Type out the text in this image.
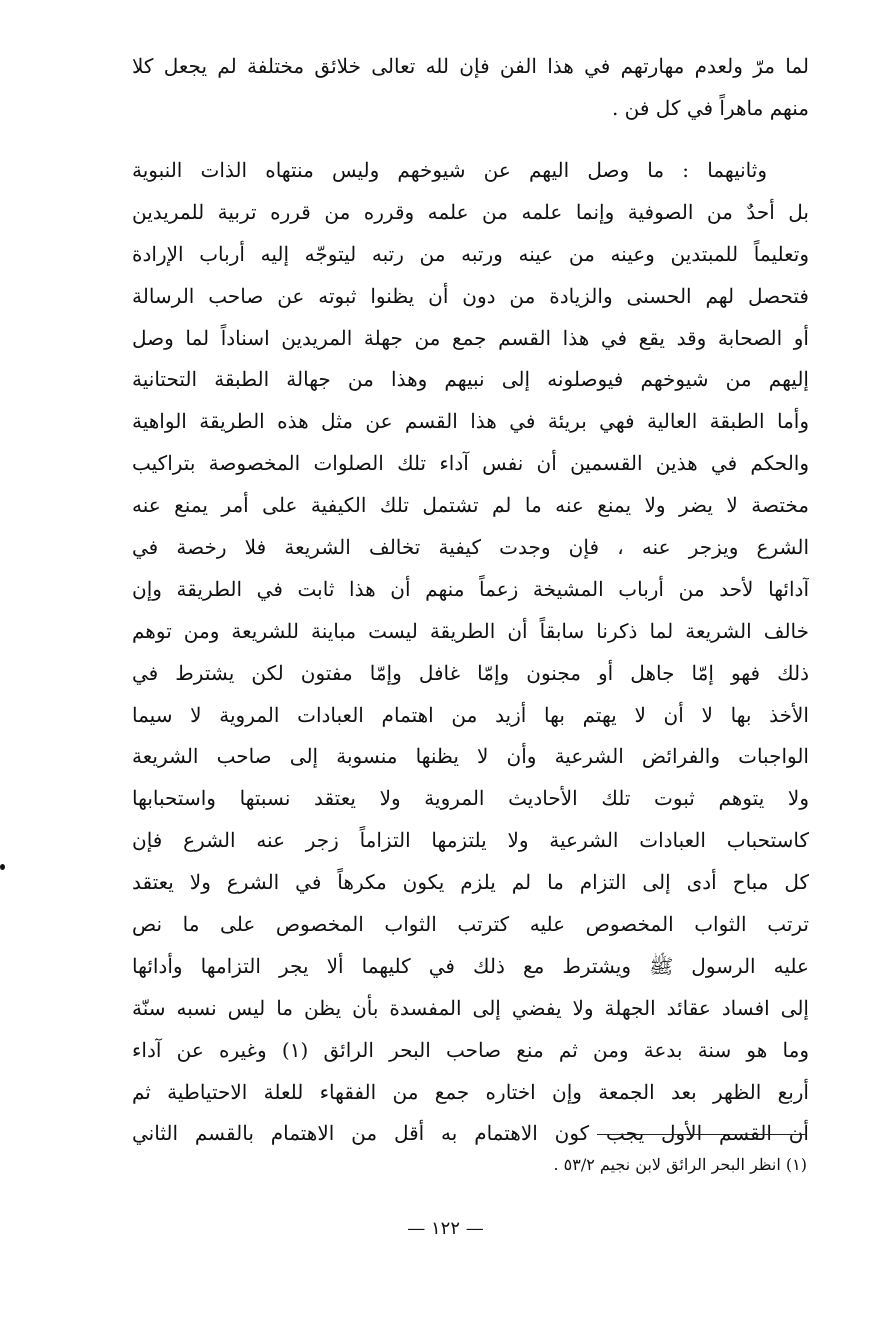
لما مرّ ولعدم مهارتهم في هذا الفن فإن لله تعالى خلائق مختلفة لم يجعل كلا
منهم ماهراً في كل فن .
وثانيهما : ما وصل اليهم عن شيوخهم وليس منتهاه الذات النبوية
بل أحدٌ من الصوفية وإنما علمه من علمه وقرره من قرره تربية للمريدين
وتعليماً للمبتدين وعينه من عينه ورتبه من رتبه ليتوجّه إليه أرباب الإرادة
فتحصل لهم الحسنى والزيادة من دون أن يظنوا ثبوته عن صاحب الرسالة
أو الصحابة وقد يقع في هذا القسم جمع من جهلة المريدين اسناداً لما وصل
إليهم من شيوخهم فيوصلونه إلى نبيهم وهذا من جهالة الطبقة التحتانية
وأما الطبقة العالية فهي بريئة في هذا القسم عن مثل هذه الطريقة الواهية
والحكم في هذين القسمين أن نفس آداء تلك الصلوات المخصوصة بتراكيب
مختصة لا يضر ولا يمنع عنه ما لم تشتمل تلك الكيفية على أمر يمنع عنه
الشرع ويزجر عنه ، فإن وجدت كيفية تخالف الشريعة فلا رخصة في
آدائها لأحد من أرباب المشيخة زعماً منهم أن هذا ثابت في الطريقة وإن
خالف الشريعة لما ذكرنا سابقاً أن الطريقة ليست مباينة للشريعة ومن توهم
ذلك فهو إمّا جاهل أو مجنون وإمّا غافل وإمّا مفتون لكن يشترط في
الأخذ بها لا أن لا يهتم بها أزيد من اهتمام العبادات المروية لا سيما
الواجبات والفرائض الشرعية وأن لا يظنها منسوبة إلى صاحب الشريعة
ولا يتوهم ثبوت تلك الأحاديث المروية ولا يعتقد نسبتها واستحبابها
كاستحباب العبادات الشرعية ولا يلتزمها التزاماً زجر عنه الشرع فإن
كل مباح أدى إلى التزام ما لم يلزم يكون مكرهاً في الشرع ولا يعتقد
ترتب الثواب المخصوص عليه كترتب الثواب المخصوص على ما نص
عليه الرسول ﷺ ويشترط مع ذلك في كليهما ألا يجر التزامها وأدائها
إلى افساد عقائد الجهلة ولا يفضي إلى المفسدة بأن يظن ما ليس نسبه سنّة
وما هو سنة بدعة ومن ثم منع صاحب البحر الرائق (١) وغيره عن آداء
أربع الظهر بعد الجمعة وإن اختاره جمع من الفقهاء للعلة الاحتياطية ثم
أن القسم الأول يجب كون الاهتمام به أقل من الاهتمام بالقسم الثاني
(١) انظر البحر الرائق لابن نجيم ٥٣/٢ .
— ١٢٢ —
